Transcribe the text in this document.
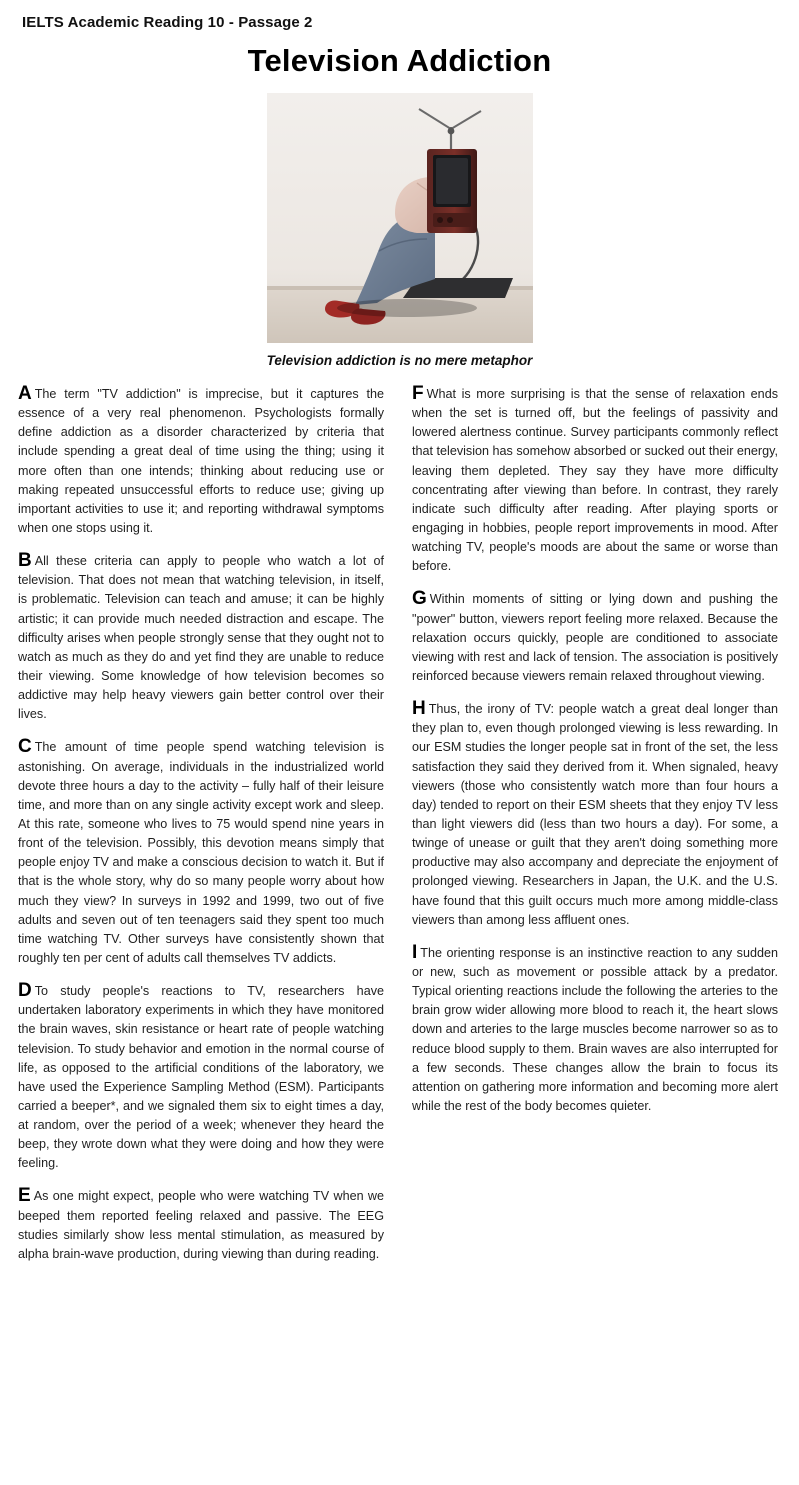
IELTS Academic Reading 10 - Passage 2
Television Addiction
Television addiction is no mere metaphor

A The term "TV addiction" is imprecise, but it captures the essence of a very real phenomenon. Psychologists formally define addiction as a disorder characterized by criteria that include spending a great deal of time using the thing; using it more often than one intends; thinking about reducing use or making repeated unsuccessful efforts to reduce use; giving up important activities to use it; and reporting withdrawal symptoms when one stops using it.

B All these criteria can apply to people who watch a lot of television. That does not mean that watching television, in itself, is problematic. Television can teach and amuse; it can be highly artistic; it can provide much needed distraction and escape. The difficulty arises when people strongly sense that they ought not to watch as much as they do and yet find they are unable to reduce their viewing. Some knowledge of how television becomes so addictive may help heavy viewers gain better control over their lives.

C The amount of time people spend watching television is astonishing. On average, individuals in the industrialized world devote three hours a day to the activity – fully half of their leisure time, and more than on any single activity except work and sleep. At this rate, someone who lives to 75 would spend nine years in front of the television. Possibly, this devotion means simply that people enjoy TV and make a conscious decision to watch it. But if that is the whole story, why do so many people worry about how much they view? In surveys in 1992 and 1999, two out of five adults and seven out of ten teenagers said they spent too much time watching TV. Other surveys have consistently shown that roughly ten per cent of adults call themselves TV addicts.

D To study people's reactions to TV, researchers have undertaken laboratory experiments in which they have monitored the brain waves, skin resistance or heart rate of people watching television. To study behavior and emotion in the normal course of life, as opposed to the artificial conditions of the laboratory, we have used the Experience Sampling Method (ESM). Participants carried a beeper*, and we signaled them six to eight times a day, at random, over the period of a week; whenever they heard the beep, they wrote down what they were doing and how they were feeling.

E As one might expect, people who were watching TV when we beeped them reported feeling relaxed and passive. The EEG studies similarly show less mental stimulation, as measured by alpha brain-wave production, during viewing than during reading.

F What is more surprising is that the sense of relaxation ends when the set is turned off, but the feelings of passivity and lowered alertness continue. Survey participants commonly reflect that television has somehow absorbed or sucked out their energy, leaving them depleted. They say they have more difficulty concentrating after viewing than before. In contrast, they rarely indicate such difficulty after reading. After playing sports or engaging in hobbies, people report improvements in mood. After watching TV, people's moods are about the same or worse than before.

G Within moments of sitting or lying down and pushing the "power" button, viewers report feeling more relaxed. Because the relaxation occurs quickly, people are conditioned to associate viewing with rest and lack of tension. The association is positively reinforced because viewers remain relaxed throughout viewing.

H Thus, the irony of TV: people watch a great deal longer than they plan to, even though prolonged viewing is less rewarding. In our ESM studies the longer people sat in front of the set, the less satisfaction they said they derived from it. When signaled, heavy viewers (those who consistently watch more than four hours a day) tended to report on their ESM sheets that they enjoy TV less than light viewers did (less than two hours a day). For some, a twinge of unease or guilt that they aren't doing something more productive may also accompany and depreciate the enjoyment of prolonged viewing. Researchers in Japan, the U.K. and the U.S. have found that this guilt occurs much more among middle-class viewers than among less affluent ones.

I The orienting response is an instinctive reaction to any sudden or new, such as movement or possible attack by a predator. Typical orienting reactions include the following the arteries to the brain grow wider allowing more blood to reach it, the heart slows down and arteries to the large muscles become narrower so as to reduce blood supply to them. Brain waves are also interrupted for a few seconds. These changes allow the brain to focus its attention on gathering more information and becoming more alert while the rest of the body becomes quieter.
